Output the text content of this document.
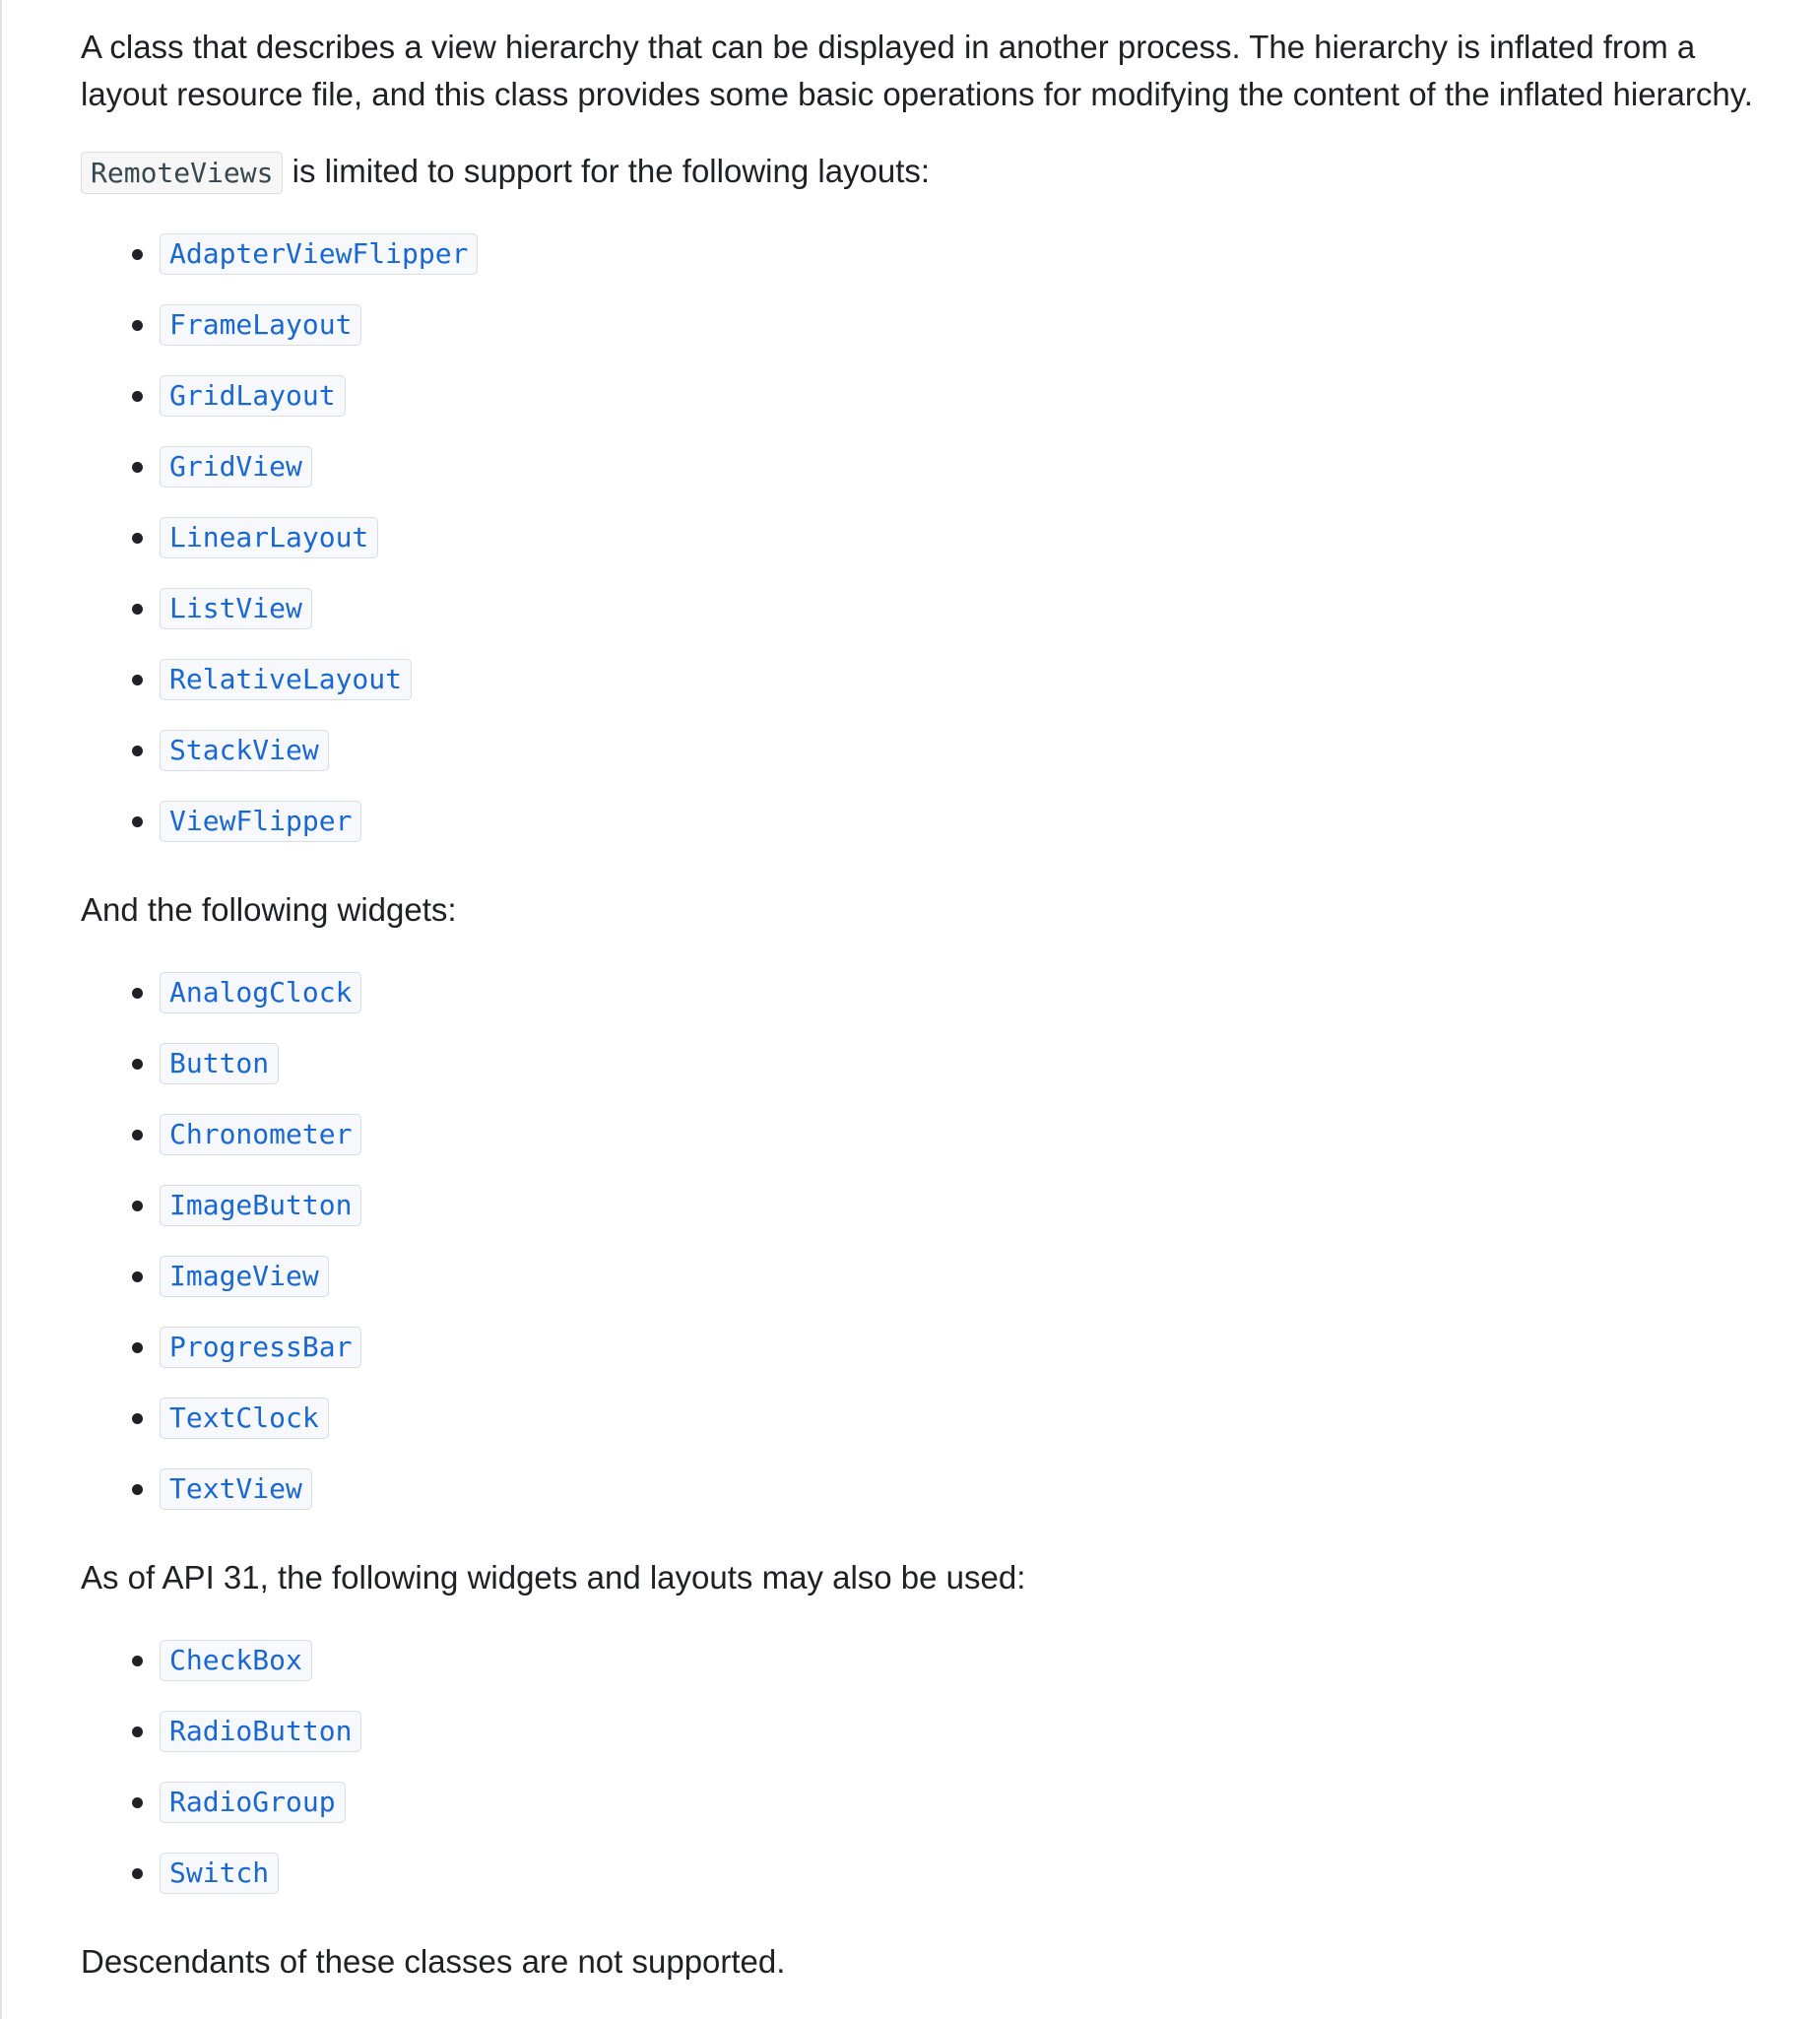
A class that describes a view hierarchy that can be displayed in another process. The hierarchy is inflated from a layout resource file, and this class provides some basic operations for modifying the content of the inflated hierarchy.

RemoteViews is limited to support for the following layouts:

AdapterViewFlipper
FrameLayout
GridLayout
GridView
LinearLayout
ListView
RelativeLayout
StackView
ViewFlipper

And the following widgets:

AnalogClock
Button
Chronometer
ImageButton
ImageView
ProgressBar
TextClock
TextView

As of API 31, the following widgets and layouts may also be used:

CheckBox
RadioButton
RadioGroup
Switch

Descendants of these classes are not supported.
